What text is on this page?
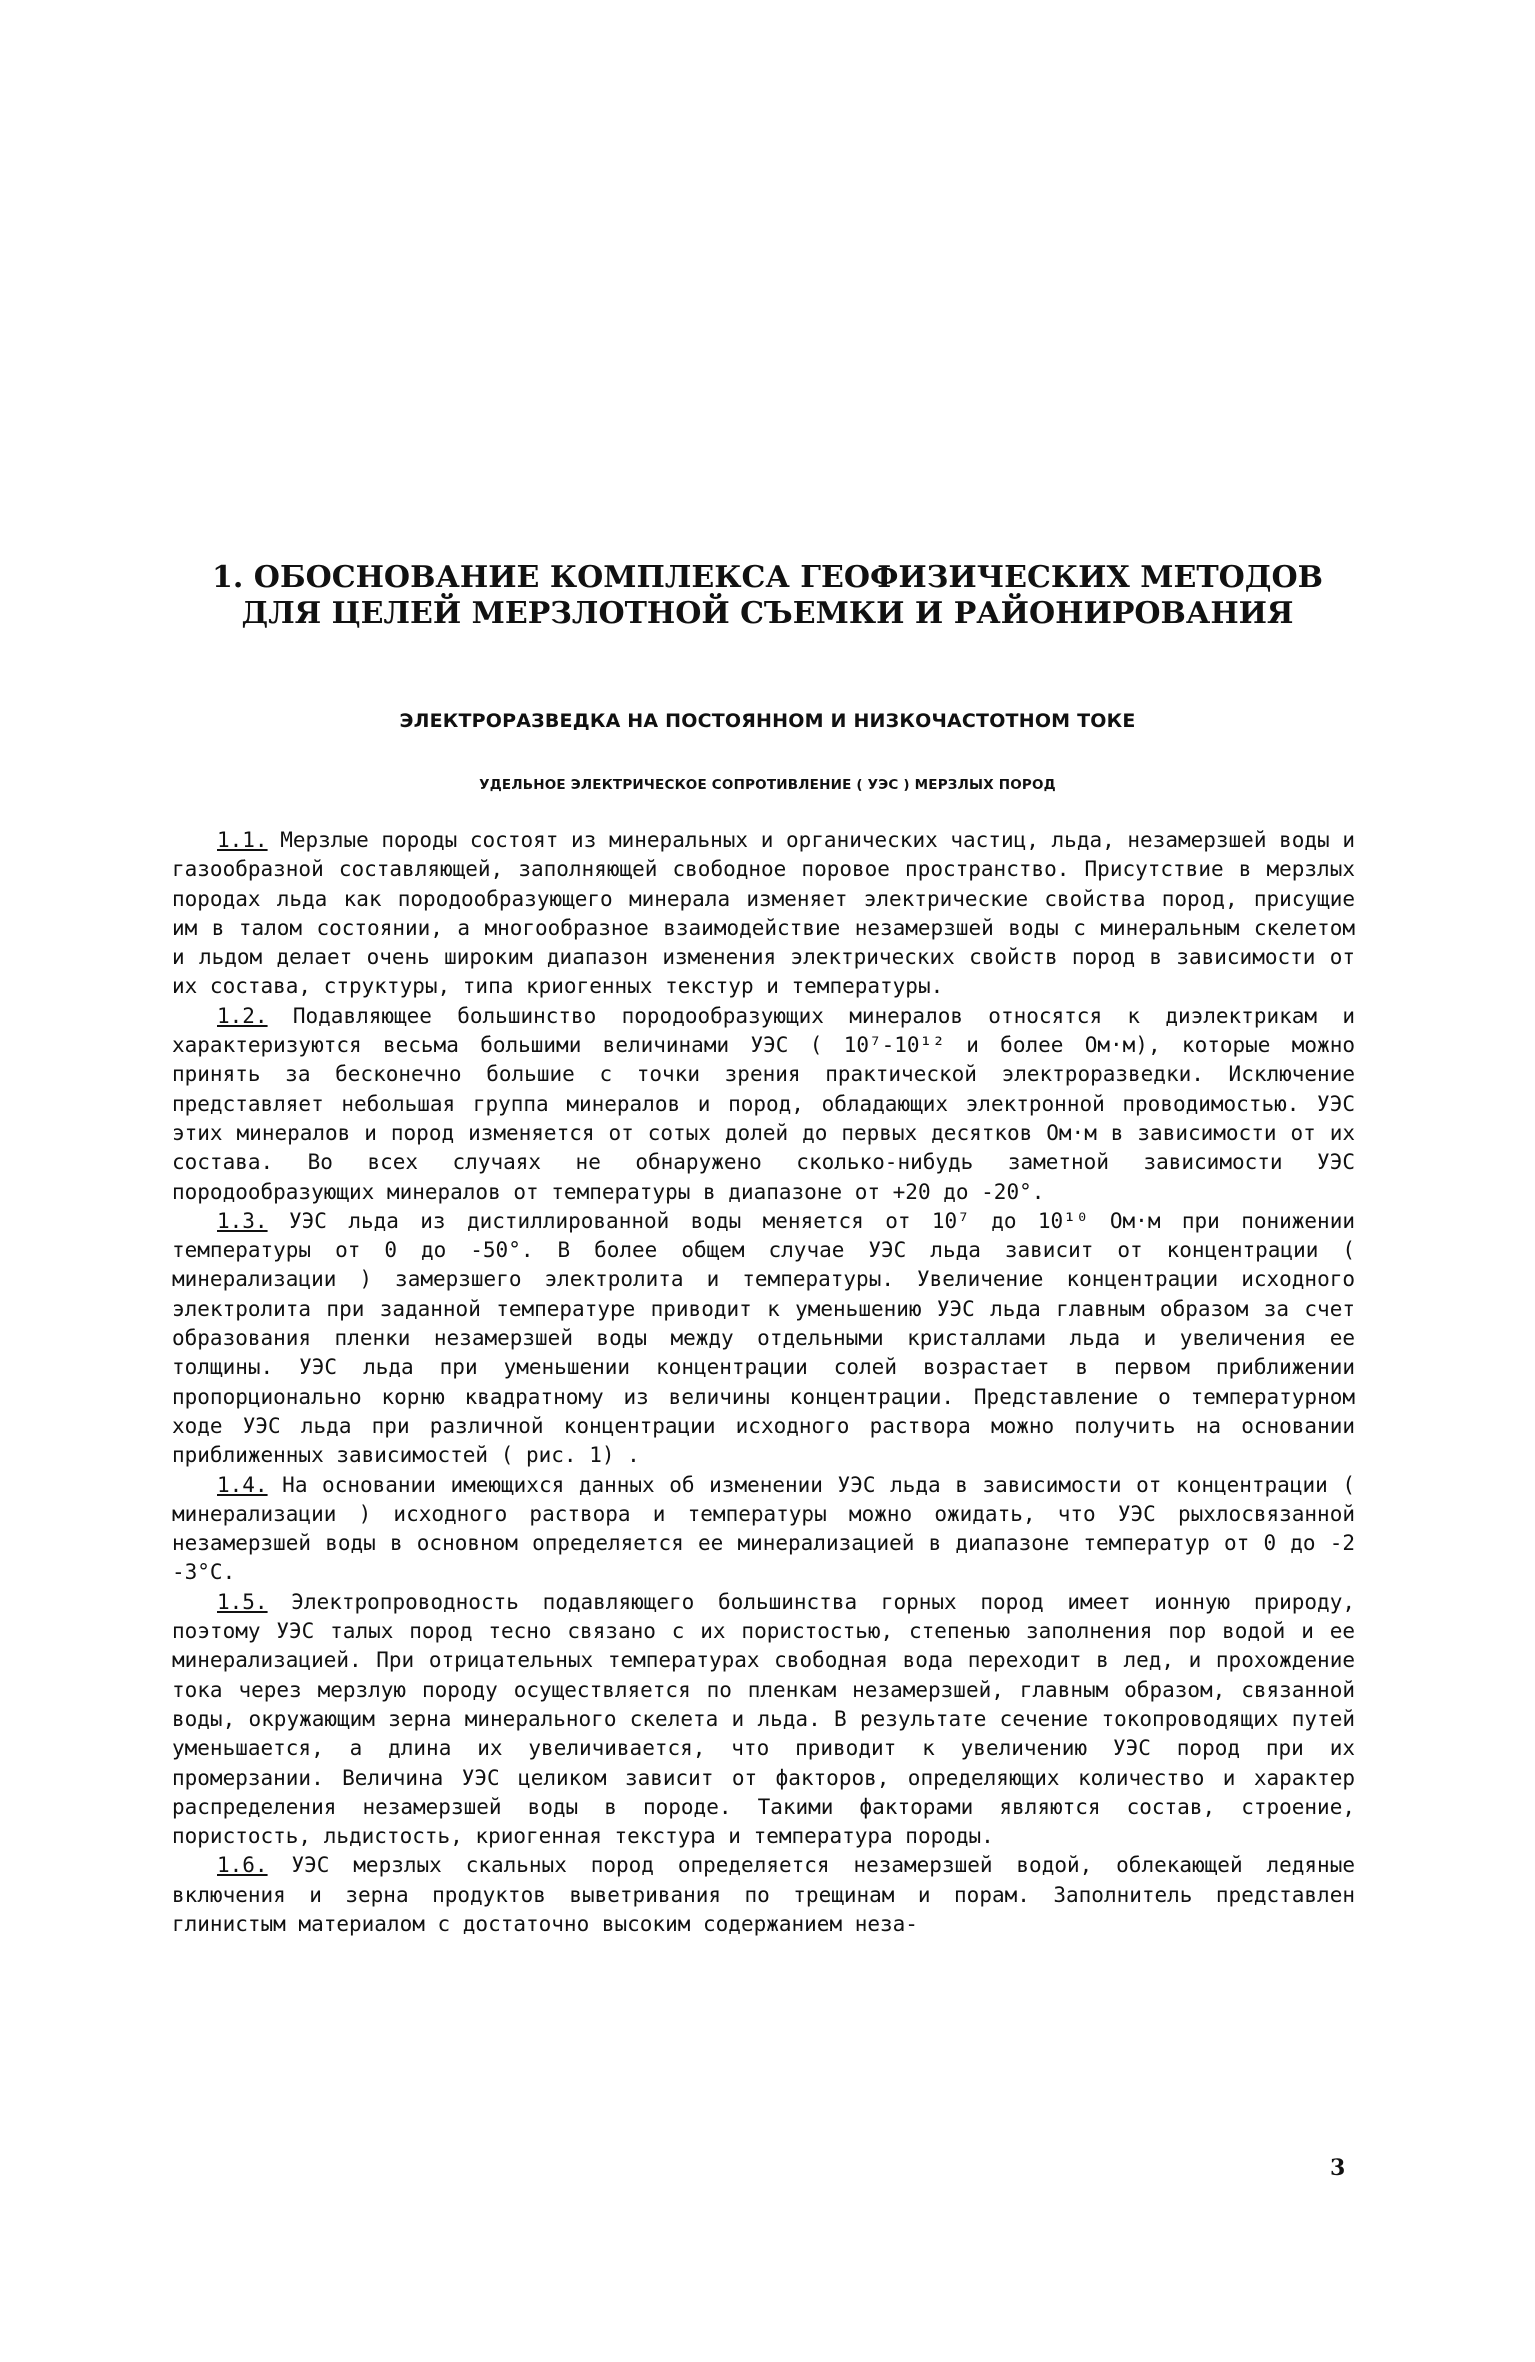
1. ОБОСНОВАНИЕ КОМПЛЕКСА ГЕОФИЗИЧЕСКИХ МЕТОДОВ
ДЛЯ ЦЕЛЕЙ МЕРЗЛОТНОЙ СЪЕМКИ И РАЙОНИРОВАНИЯ
ЭЛЕКТРОРАЗВЕДКА НА ПОСТОЯННОМ И НИЗКОЧАСТОТНОМ ТОКЕ
УДЕЛЬНОЕ ЭЛЕКТРИЧЕСКОЕ СОПРОТИВЛЕНИЕ ( УЭС ) МЕРЗЛЫХ ПОРОД

1.1. Мерзлые породы состоят из минеральных и органических частиц, льда, незамерзшей воды и газообразной составляющей, заполняющей свободное поровое пространство. Присутствие в мерзлых породах льда как породообразующего минерала изменяет электрические свойства пород, присущие им в талом состоянии, а многообразное взаимодействие незамерзшей воды с минеральным скелетом и льдом делает очень широким диапазон изменения электрических свойств пород в зависимости от их состава, структуры, типа криогенных текстур и температуры.

1.2. Подавляющее большинство породообразующих минералов относятся к диэлектрикам и характеризуются весьма большими величинами УЭС ( 10⁷-10¹² и более Ом·м), которые можно принять за бесконечно большие с точки зрения практической электроразведки. Исключение представляет небольшая группа минералов и пород, обладающих электронной проводимостью. УЭС этих минералов и пород изменяется от сотых долей до первых десятков Ом·м в зависимости от их состава. Во всех случаях не обнаружено сколько-нибудь заметной зависимости УЭС породообразующих минералов от температуры в диапазоне от +20 до -20°.

1.3. УЭС льда из дистиллированной воды меняется от 10⁷ до 10¹⁰ Ом·м при понижении температуры от 0 до -50°. В более общем случае УЭС льда зависит от концентрации ( минерализации ) замерзшего электролита и температуры. Увеличение концентрации исходного электролита при заданной температуре приводит к уменьшению УЭС льда главным образом за счет образования пленки незамерзшей воды между отдельными кристаллами льда и увеличения ее толщины. УЭС льда при уменьшении концентрации солей возрастает в первом приближении пропорционально корню квадратному из величины концентрации. Представление о температурном ходе УЭС льда при различной концентрации исходного раствора можно получить на основании приближенных зависимостей ( рис. 1) .

1.4. На основании имеющихся данных об изменении УЭС льда в зависимости от концентрации ( минерализации ) исходного раствора и температуры можно ожидать, что УЭС рыхлосвязанной незамерзшей воды в основном определяется ее минерализацией в диапазоне температур от 0 до -2 -3°С.

1.5. Электропроводность подавляющего большинства горных пород имеет ионную природу, поэтому УЭС талых пород тесно связано с их пористостью, степенью заполнения пор водой и ее минерализацией. При отрицательных температурах свободная вода переходит в лед, и прохождение тока через мерзлую породу осуществляется по пленкам незамерзшей, главным образом, связанной воды, окружающим зерна минерального скелета и льда. В результате сечение токопроводящих путей уменьшается, а длина их увеличивается, что приводит к увеличению УЭС пород при их промерзании. Величина УЭС целиком зависит от факторов, определяющих количество и характер распределения незамерзшей воды в породе. Такими факторами являются состав, строение, пористость, льдистость, криогенная текстура и температура породы.

1.6. УЭС мерзлых скальных пород определяется незамерзшей водой, облекающей ледяные включения и зерна продуктов выветривания по трещинам и порам. Заполнитель представлен глинистым материалом с достаточно высоким содержанием неза-

3
